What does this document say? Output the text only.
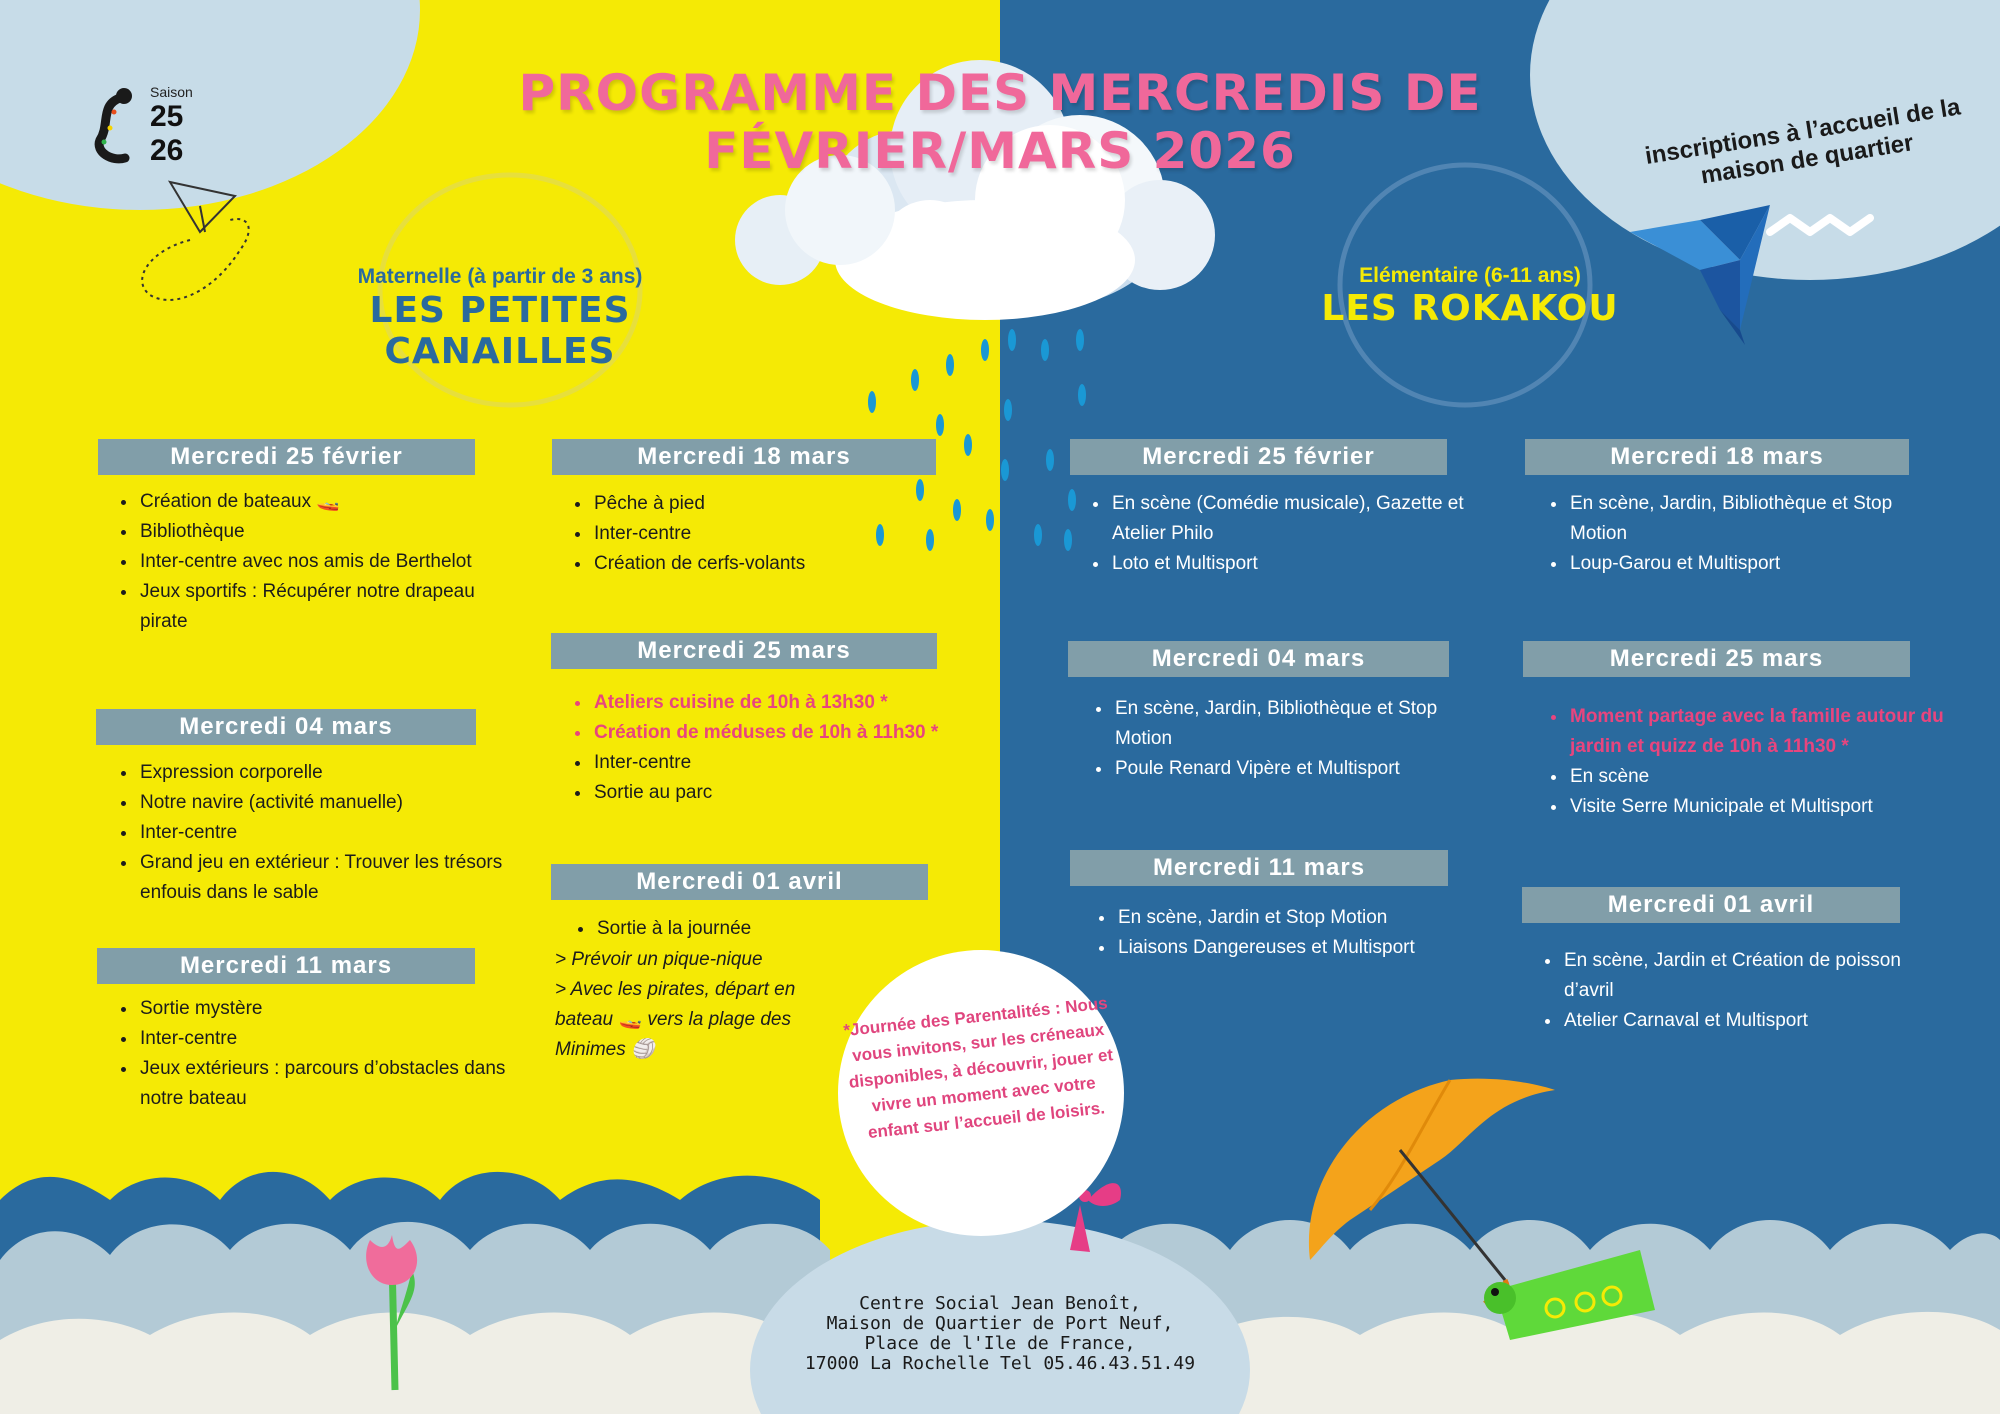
PROGRAMME DES MERCREDIS DE FÉVRIER/MARS 2026
Saison
25
26	inscriptions à l’accueil de la maison de quartier
Maternelle (à partir de 3 ans)
LES PETITES CANAILLES
Elémentaire (6-11 ans)
LES ROKAKOU
Mercredi 25 février
• Création de bateaux 🚤
• Bibliothèque
• Inter-centre avec nos amis de Berthelot
• Jeux sportifs : Récupérer notre drapeau pirate
Mercredi 04 mars
• Expression corporelle
• Notre navire (activité manuelle)
• Inter-centre
• Grand jeu en extérieur : Trouver les trésors enfouis dans le sable
Mercredi 11 mars
• Sortie mystère
• Inter-centre
• Jeux extérieurs : parcours d’obstacles dans notre bateau
Mercredi 18 mars
• Pêche à pied
• Inter-centre
• Création de cerfs-volants
Mercredi 25 mars
• Ateliers cuisine de 10h à 13h30 *
• Création de méduses de 10h à 11h30 *
• Inter-centre
• Sortie au parc
Mercredi 01 avril
• Sortie à la journée
> Prévoir un pique-nique
> Avec les pirates, départ en bateau 🚤 vers la plage des Minimes 🏐
Mercredi 25 février
• En scène (Comédie musicale), Gazette et Atelier Philo
• Loto et Multisport
Mercredi 04 mars
• En scène, Jardin, Bibliothèque et Stop Motion
• Poule Renard Vipère et Multisport
Mercredi 11 mars
• En scène, Jardin et Stop Motion
• Liaisons Dangereuses et Multisport
Mercredi 18 mars
• En scène, Jardin, Bibliothèque et Stop Motion
• Loup-Garou et Multisport
Mercredi 25 mars
• Moment partage avec la famille autour du jardin et quizz de 10h à 11h30 *
• En scène
• Visite Serre Municipale et Multisport
Mercredi 01 avril
• En scène, Jardin et Création de poisson d’avril
• Atelier Carnaval et Multisport
*Journée des Parentalités : Nous vous invitons, sur les créneaux disponibles, à découvrir, jouer et vivre un moment avec votre enfant sur l’accueil de loisirs.
Centre Social Jean Benoît,
Maison de Quartier de Port Neuf,
Place de l'Ile de France,
17000 La Rochelle Tel 05.46.43.51.49
